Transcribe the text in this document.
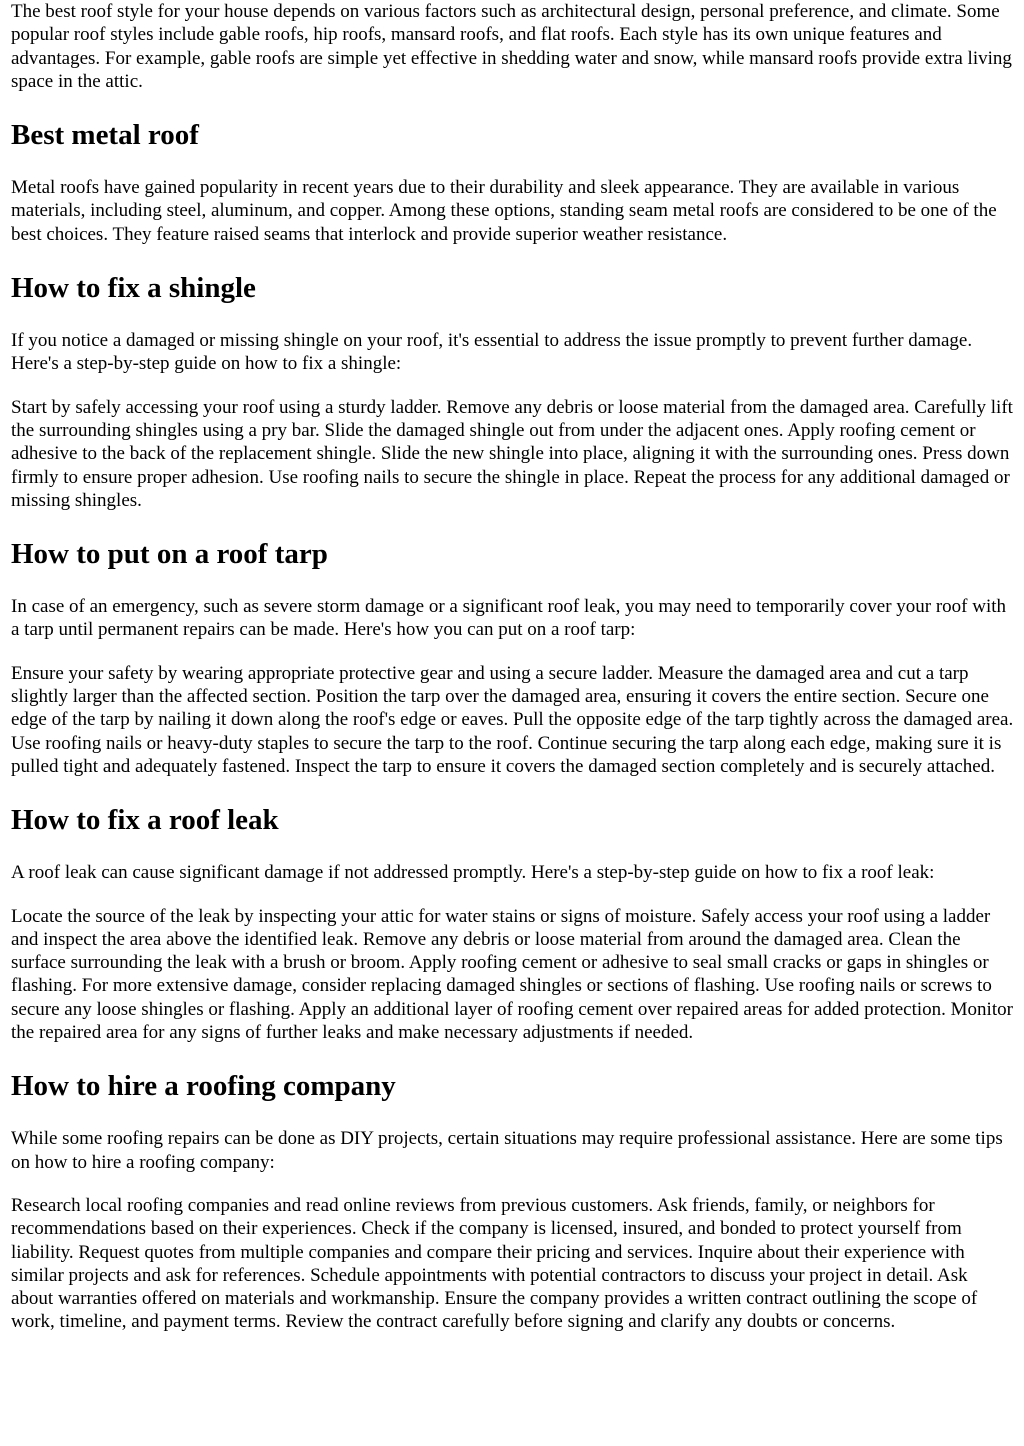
The best roof style for your house depends on various factors such as architectural design, personal preference, and climate. Some popular roof styles include gable roofs, hip roofs, mansard roofs, and flat roofs. Each style has its own unique features and advantages. For example, gable roofs are simple yet effective in shedding water and snow, while mansard roofs provide extra living space in the attic.

Best metal roof

Metal roofs have gained popularity in recent years due to their durability and sleek appearance. They are available in various materials, including steel, aluminum, and copper. Among these options, standing seam metal roofs are considered to be one of the best choices. They feature raised seams that interlock and provide superior weather resistance.

How to fix a shingle

If you notice a damaged or missing shingle on your roof, it's essential to address the issue promptly to prevent further damage. Here's a step-by-step guide on how to fix a shingle:

Start by safely accessing your roof using a sturdy ladder. Remove any debris or loose material from the damaged area. Carefully lift the surrounding shingles using a pry bar. Slide the damaged shingle out from under the adjacent ones. Apply roofing cement or adhesive to the back of the replacement shingle. Slide the new shingle into place, aligning it with the surrounding ones. Press down firmly to ensure proper adhesion. Use roofing nails to secure the shingle in place. Repeat the process for any additional damaged or missing shingles.

How to put on a roof tarp

In case of an emergency, such as severe storm damage or a significant roof leak, you may need to temporarily cover your roof with a tarp until permanent repairs can be made. Here's how you can put on a roof tarp:

Ensure your safety by wearing appropriate protective gear and using a secure ladder. Measure the damaged area and cut a tarp slightly larger than the affected section. Position the tarp over the damaged area, ensuring it covers the entire section. Secure one edge of the tarp by nailing it down along the roof's edge or eaves. Pull the opposite edge of the tarp tightly across the damaged area. Use roofing nails or heavy-duty staples to secure the tarp to the roof. Continue securing the tarp along each edge, making sure it is pulled tight and adequately fastened. Inspect the tarp to ensure it covers the damaged section completely and is securely attached.

How to fix a roof leak

A roof leak can cause significant damage if not addressed promptly. Here's a step-by-step guide on how to fix a roof leak:

Locate the source of the leak by inspecting your attic for water stains or signs of moisture. Safely access your roof using a ladder and inspect the area above the identified leak. Remove any debris or loose material from around the damaged area. Clean the surface surrounding the leak with a brush or broom. Apply roofing cement or adhesive to seal small cracks or gaps in shingles or flashing. For more extensive damage, consider replacing damaged shingles or sections of flashing. Use roofing nails or screws to secure any loose shingles or flashing. Apply an additional layer of roofing cement over repaired areas for added protection. Monitor the repaired area for any signs of further leaks and make necessary adjustments if needed.

How to hire a roofing company

While some roofing repairs can be done as DIY projects, certain situations may require professional assistance. Here are some tips on how to hire a roofing company:

Research local roofing companies and read online reviews from previous customers. Ask friends, family, or neighbors for recommendations based on their experiences. Check if the company is licensed, insured, and bonded to protect yourself from liability. Request quotes from multiple companies and compare their pricing and services. Inquire about their experience with similar projects and ask for references. Schedule appointments with potential contractors to discuss your project in detail. Ask about warranties offered on materials and workmanship. Ensure the company provides a written contract outlining the scope of work, timeline, and payment terms. Review the contract carefully before signing and clarify any doubts or concerns.
